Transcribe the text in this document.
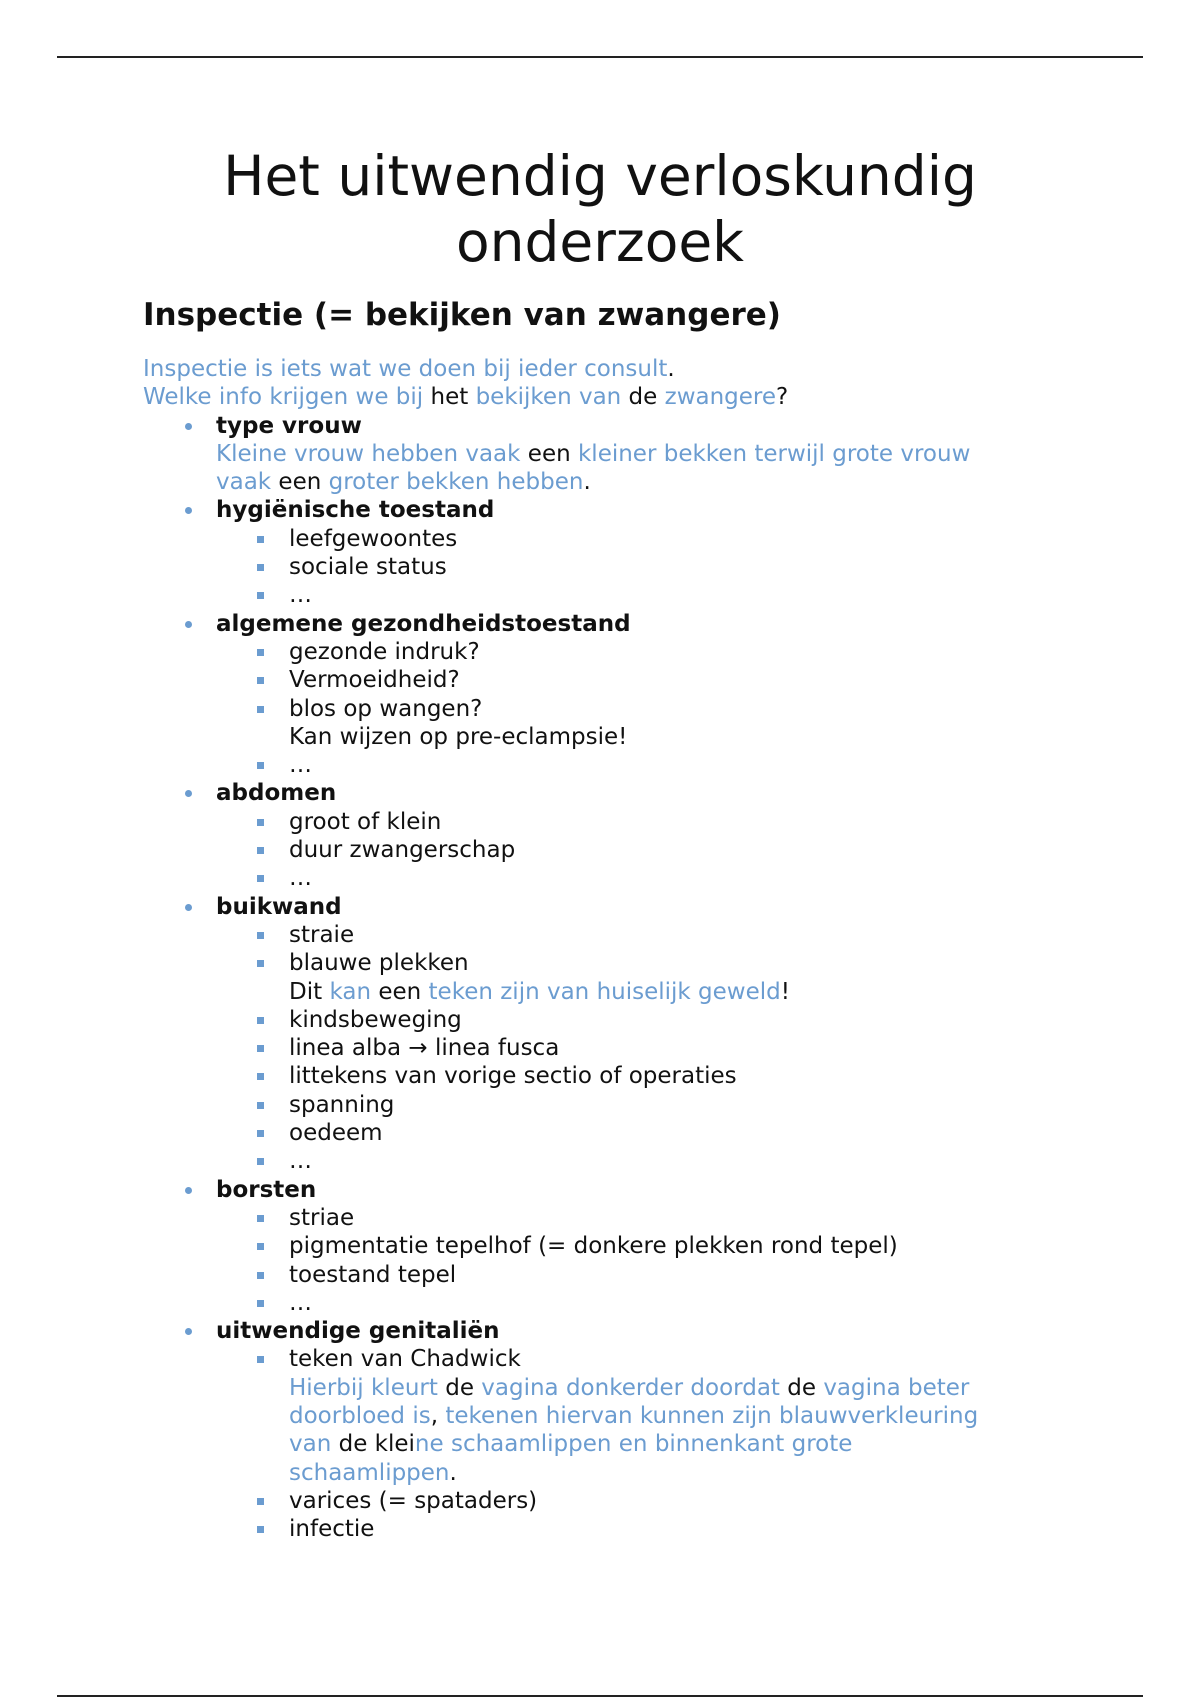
Het uitwendig verloskundig
onderzoek
Inspectie (= bekijken van zwangere)

Inspectie is iets wat we doen bij ieder consult.

Welke info krijgen we bij het bekijken van de zwangere?

type vrouw
Kleine vrouw hebben vaak een kleiner bekken terwijl grote vrouw
vaak een groter bekken hebben.
hygiënische toestand
leefgewoontes
sociale status
…
algemene gezondheidstoestand
gezonde indruk?
Vermoeidheid?
blos op wangen?
Kan wijzen op pre-eclampsie!
…
abdomen
groot of klein
duur zwangerschap
…
buikwand
straie
blauwe plekken
Dit kan een teken zijn van huiselijk geweld!
kindsbeweging
linea alba → linea fusca
littekens van vorige sectio of operaties
spanning
oedeem
…
borsten
striae
pigmentatie tepelhof (= donkere plekken rond tepel)
toestand tepel
…
uitwendige genitaliën
teken van Chadwick
Hierbij kleurt de vagina donkerder doordat de vagina beter
doorbloed is, tekenen hiervan kunnen zijn blauwverkleuring
van de kleine schaamlippen en binnenkant grote
schaamlippen.
varices (= spataders)
infectie
